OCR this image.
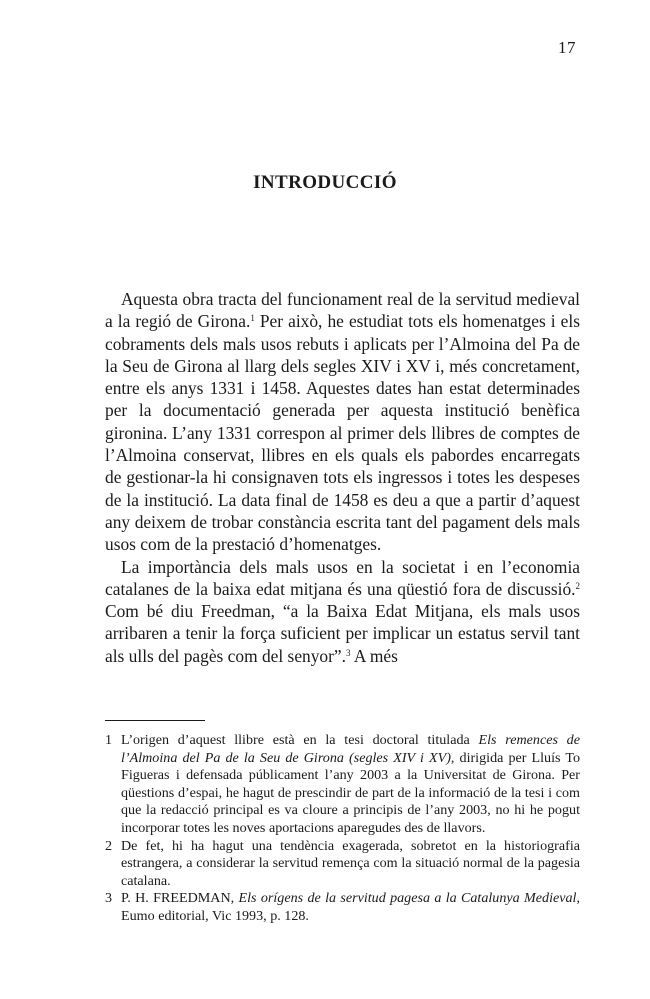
17
INTRODUCCIÓ

Aquesta obra tracta del funcionament real de la servitud medieval a la regió de Girona.$^1$ Per això, he estudiat tots els homenatges i els cobraments dels mals usos rebuts i aplicats per l’Almoina del Pa de la Seu de Girona al llarg dels segles XIV i XV i, més concretament, entre els anys 1331 i 1458. Aquestes dates han estat determinades per la documentació generada per aquesta institució benèfica gironina. L’any 1331 correspon al primer dels llibres de comptes de l’Almoina conservat, llibres en els quals els pabordes encarregats de gestionar-la hi consignaven tots els ingressos i totes les despeses de la institució. La data final de 1458 es deu a que a partir d’aquest any deixem de trobar constància escrita tant del pagament dels mals usos com de la prestació d’homenatges.

La importància dels mals usos en la societat i en l’economia catalanes de la baixa edat mitjana és una qüestió fora de discussió.$^2$ Com bé diu Freedman, “a la Baixa Edat Mitjana, els mals usos arribaren a tenir la força suficient per implicar un estatus servil tant als ulls del pagès com del senyor”.$^3$ A més

1 L’origen d’aquest llibre està en la tesi doctoral titulada Els remences de l’Almoina del Pa de la Seu de Girona (segles XIV i XV), dirigida per Lluís To Figueras i defensada públicament l’any 2003 a la Universitat de Girona. Per qüestions d’espai, he hagut de prescindir de part de la informació de la tesi i com que la redacció principal es va cloure a principis de l’any 2003, no hi he pogut incorporar totes les noves aportacions aparegudes des de llavors.
2 De fet, hi ha hagut una tendència exagerada, sobretot en la historiografia estrangera, a considerar la servitud remença com la situació normal de la pagesia catalana.
3 P. H. FREEDMAN, Els orígens de la servitud pagesa a la Catalunya Medieval, Eumo editorial, Vic 1993, p. 128.
